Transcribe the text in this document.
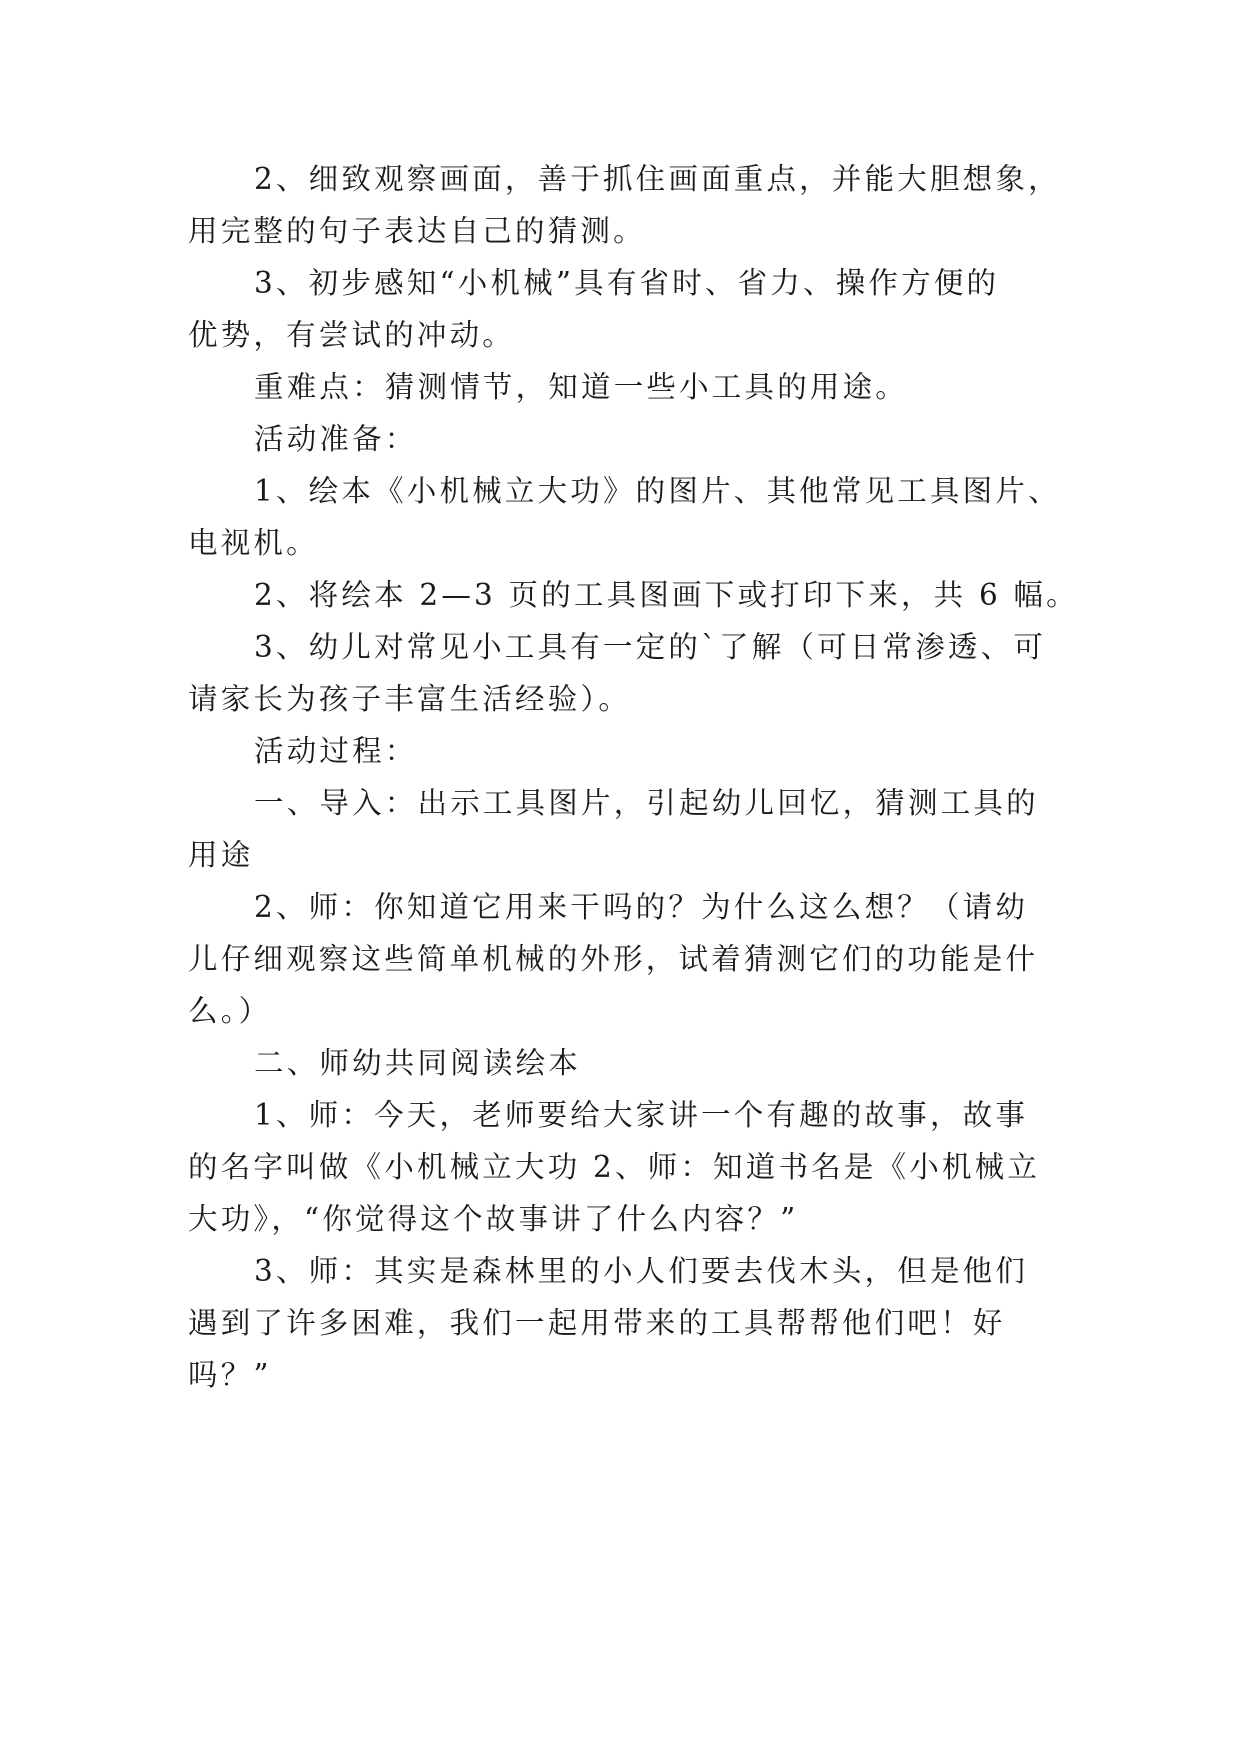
2、细致观察画面，善于抓住画面重点，并能大胆想象，
用完整的句子表达自己的猜测。
3、初步感知“小机械”具有省时、省力、操作方便的
优势，有尝试的冲动。
重难点：猜测情节，知道一些小工具的用途。
活动准备：
1、绘本《小机械立大功》的图片、其他常见工具图片、
电视机。
2、将绘本 2—3 页的工具图画下或打印下来，共 6 幅。
3、幼儿对常见小工具有一定的`了解（可日常渗透、可
请家长为孩子丰富生活经验）。
活动过程：
一、导入：出示工具图片，引起幼儿回忆，猜测工具的
用途
2、师：你知道它用来干吗的？为什么这么想？（请幼
儿仔细观察这些简单机械的外形，试着猜测它们的功能是什
么。）
二、师幼共同阅读绘本
1、师：今天，老师要给大家讲一个有趣的故事，故事
的名字叫做《小机械立大功 2、师：知道书名是《小机械立
大功》，“你觉得这个故事讲了什么内容？”
3、师：其实是森林里的小人们要去伐木头，但是他们
遇到了许多困难，我们一起用带来的工具帮帮他们吧！好
吗？”
